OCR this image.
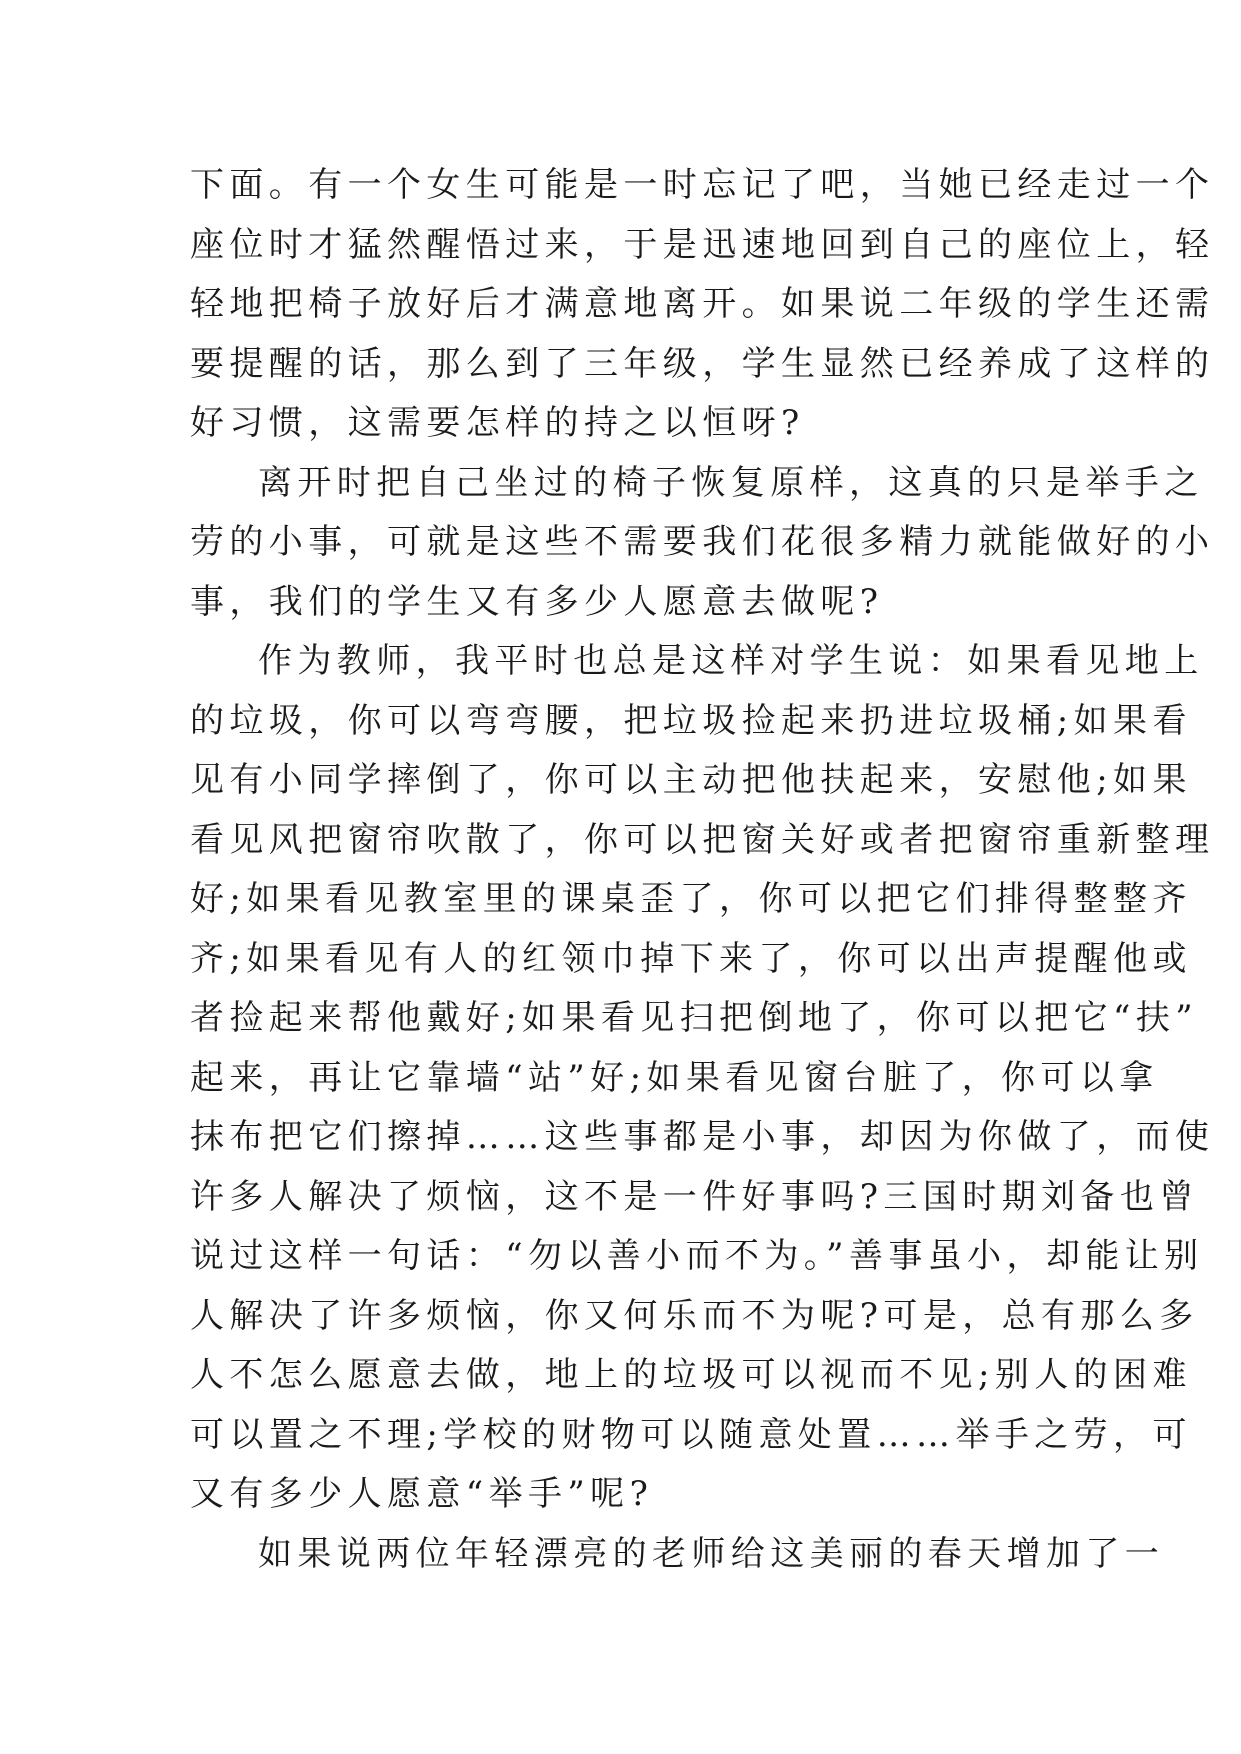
下面。有一个女生可能是一时忘记了吧，当她已经走过一个
座位时才猛然醒悟过来，于是迅速地回到自己的座位上，轻
轻地把椅子放好后才满意地离开。如果说二年级的学生还需
要提醒的话，那么到了三年级，学生显然已经养成了这样的
好习惯，这需要怎样的持之以恒呀?
离开时把自己坐过的椅子恢复原样，这真的只是举手之
劳的小事，可就是这些不需要我们花很多精力就能做好的小
事，我们的学生又有多少人愿意去做呢?
作为教师，我平时也总是这样对学生说：如果看见地上
的垃圾，你可以弯弯腰，把垃圾捡起来扔进垃圾桶;如果看
见有小同学摔倒了，你可以主动把他扶起来，安慰他;如果
看见风把窗帘吹散了，你可以把窗关好或者把窗帘重新整理
好;如果看见教室里的课桌歪了，你可以把它们排得整整齐
齐;如果看见有人的红领巾掉下来了，你可以出声提醒他或
者捡起来帮他戴好;如果看见扫把倒地了，你可以把它“扶”
起来，再让它靠墙“站”好;如果看见窗台脏了，你可以拿
抹布把它们擦掉……这些事都是小事，却因为你做了，而使
许多人解决了烦恼，这不是一件好事吗?三国时期刘备也曾
说过这样一句话：“勿以善小而不为。”善事虽小，却能让别
人解决了许多烦恼，你又何乐而不为呢?可是，总有那么多
人不怎么愿意去做，地上的垃圾可以视而不见;别人的困难
可以置之不理;学校的财物可以随意处置……举手之劳，可
又有多少人愿意“举手”呢?
如果说两位年轻漂亮的老师给这美丽的春天增加了一
